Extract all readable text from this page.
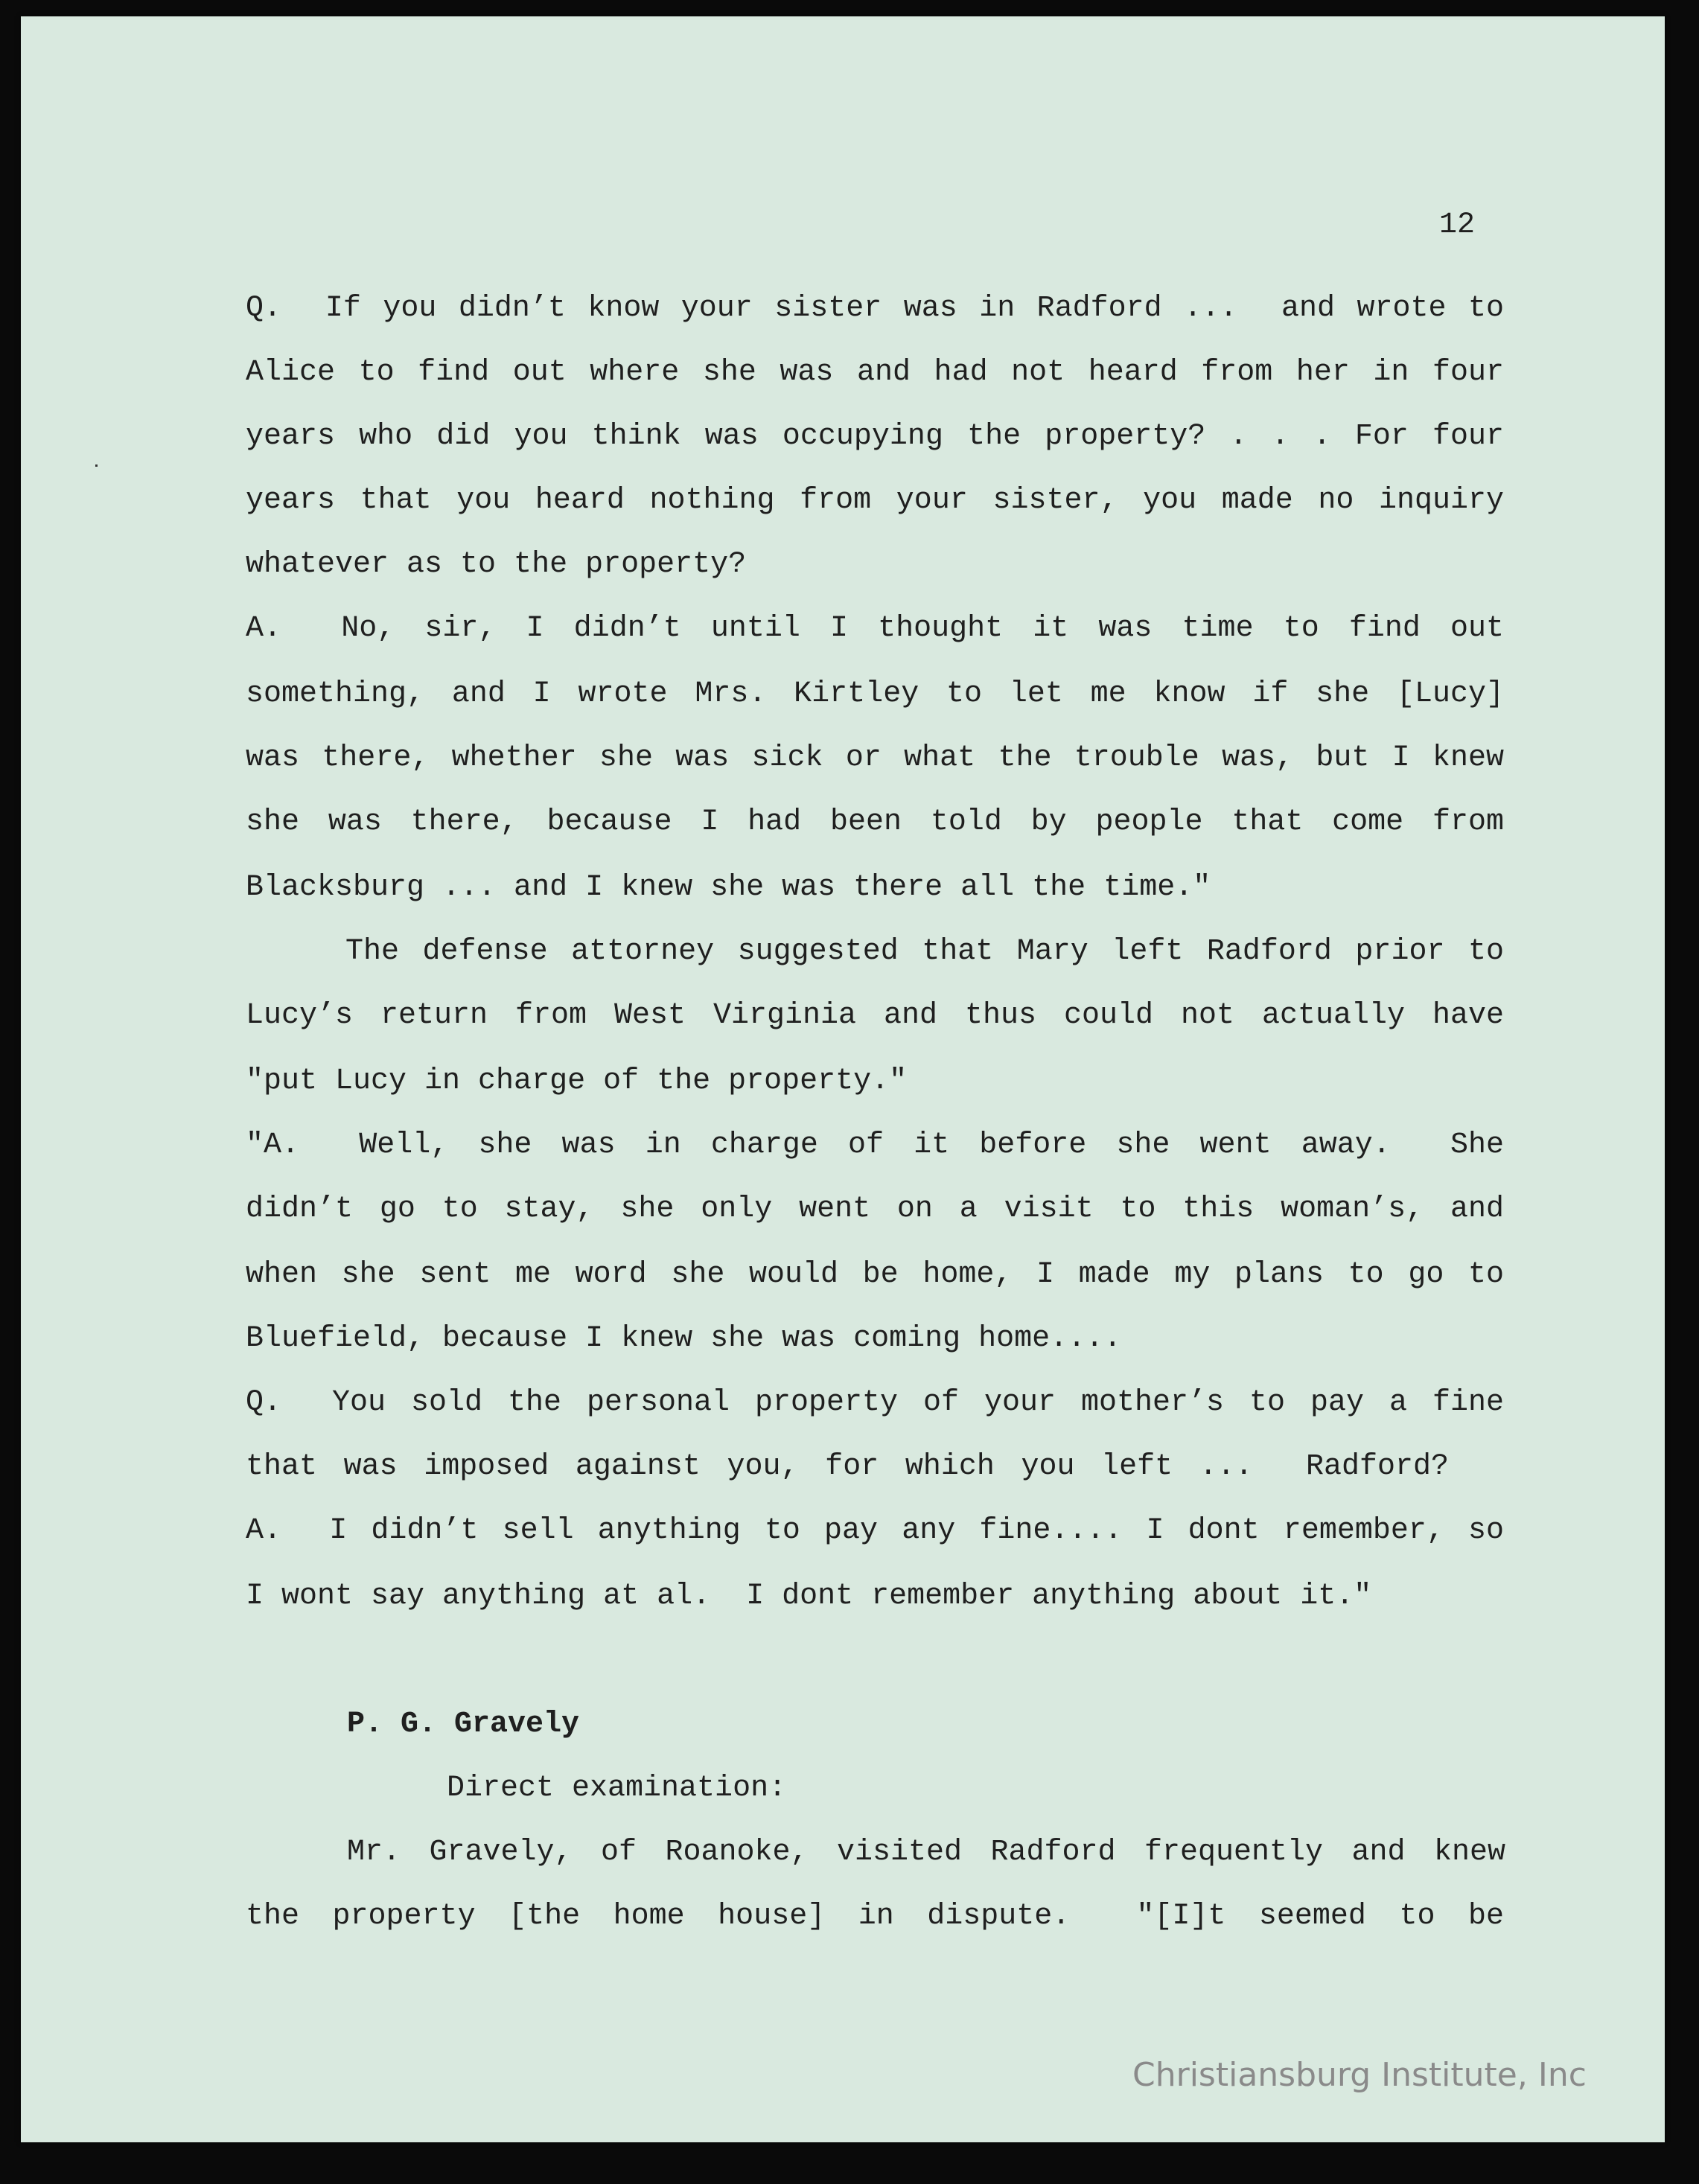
12
Q.  If you didn’t know your sister was in Radford ...  and wrote to
Alice to find out where she was and had not heard from her in four
years who did you think was occupying the property? . . . For four
years that you heard nothing from your sister, you made no inquiry
whatever as to the property?
A.  No, sir, I didn’t until I thought it was time to find out
something, and I wrote Mrs. Kirtley to let me know if she [Lucy]
was there, whether she was sick or what the trouble was, but I knew
she was there, because I had been told by people that come from
Blacksburg ... and I knew she was there all the time."
The defense attorney suggested that Mary left Radford prior to
Lucy’s return from West Virginia and thus could not actually have
"put Lucy in charge of the property."
"A.  Well, she was in charge of it before she went away.  She
didn’t go to stay, she only went on a visit to this woman’s, and
when she sent me word she would be home, I made my plans to go to
Bluefield, because I knew she was coming home....
Q.  You sold the personal property of your mother’s to pay a fine
that was imposed against you, for which you left ...  Radford?
A.  I didn’t sell anything to pay any fine.... I dont remember, so
I wont say anything at al.  I dont remember anything about it."
P. G. Gravely
Direct examination:
Mr. Gravely, of Roanoke, visited Radford frequently and knew
the property [the home house] in dispute.  "[I]t seemed to be
Christiansburg Institute, Inc
